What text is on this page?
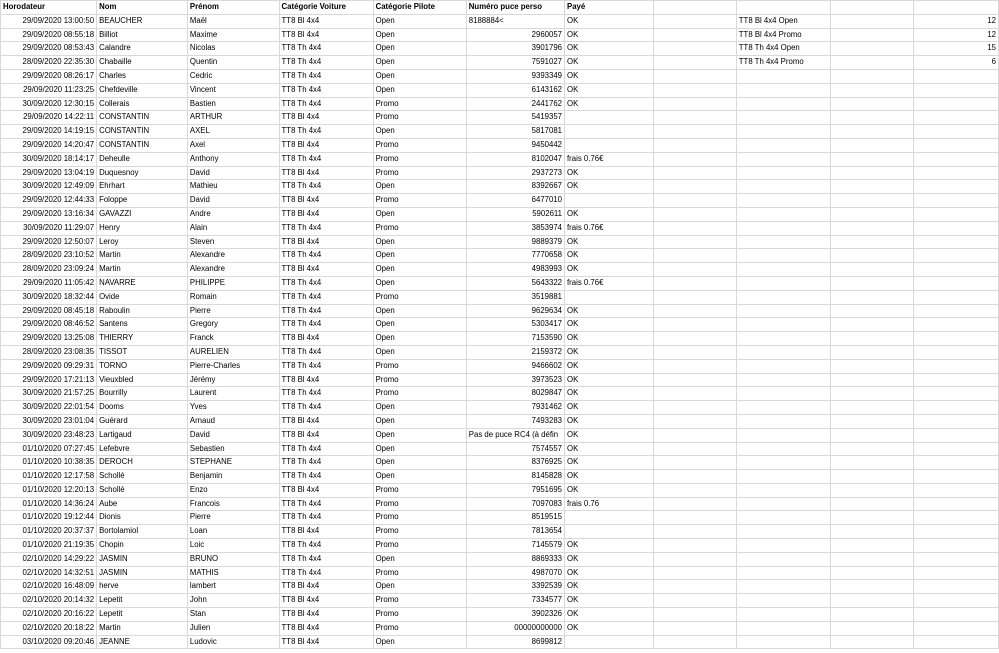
Horodateur	Nom	Prénom	Catégorie Voiture	Catégorie Pilote	Numéro puce perso	Payé				
29/09/2020 13:00:50	BEAUCHER	Maël	TT8 Bl 4x4	Open	8188884<	OK		TT8 Bl 4x4 Open		12
29/09/2020 08:55:18	Billiot	Maxime	TT8 Bl 4x4	Open	2960057	OK		TT8 Bl 4x4 Promo		12
29/09/2020 08:53:43	Calandre	Nicolas	TT8 Th 4x4	Open	3901796	OK		TT8 Th 4x4 Open		15
28/09/2020 22:35:30	Chabaille	Quentin	TT8 Th 4x4	Open	7591027	OK		TT8 Th 4x4 Promo		6
29/09/2020 08:26:17	Charles	Cedric	TT8 Th 4x4	Open	9393349	OK				
29/09/2020 11:23:25	Chefdeville	Vincent	TT8 Th 4x4	Open	6143162	OK				
30/09/2020 12:30:15	Collerais	Bastien	TT8 Th 4x4	Promo	2441762	OK				
29/09/2020 14:22:11	CONSTANTIN	ARTHUR	TT8 Bl 4x4	Promo	5419357					
29/09/2020 14:19:15	CONSTANTIN	AXEL	TT8 Th 4x4	Open	5817081					
29/09/2020 14:20:47	CONSTANTIN	Axel	TT8 Bl 4x4	Promo	9450442					
30/09/2020 18:14:17	Deheulle	Anthony	TT8 Th 4x4	Promo	8102047	frais 0.76€				
29/09/2020 13:04:19	Duquesnoy	David	TT8 Bl 4x4	Promo	2937273	OK				
30/09/2020 12:49:09	Ehrhart	Mathieu	TT8 Th 4x4	Open	8392667	OK				
29/09/2020 12:44:33	Foloppe	David	TT8 Bl 4x4	Promo	6477010					
29/09/2020 13:16:34	GAVAZZI	Andre	TT8 Bl 4x4	Open	5902611	OK				
30/09/2020 11:29:07	Henry	Alain	TT8 Th 4x4	Promo	3853974	frais 0.76€				
29/09/2020 12:50:07	Leroy	Steven	TT8 Bl 4x4	Open	9889379	OK				
28/09/2020 23:10:52	Martin	Alexandre	TT8 Th 4x4	Open	7770658	OK				
28/09/2020 23:09:24	Martin	Alexandre	TT8 Bl 4x4	Open	4983993	OK				
29/09/2020 11:05:42	NAVARRE	PHILIPPE	TT8 Th 4x4	Open	5643322	frais 0.76€				
30/09/2020 18:32:44	Ovide	Romain	TT8 Th 4x4	Promo	3519881					
29/09/2020 08:45:18	Raboulin	Pierre	TT8 Th 4x4	Open	9629634	OK				
29/09/2020 08:46:52	Santens	Gregory	TT8 Th 4x4	Open	5303417	OK				
29/09/2020 13:25:08	THIERRY	Franck	TT8 Bl 4x4	Open	7153590	OK				
28/09/2020 23:08:35	TISSOT	AURELIEN	TT8 Th 4x4	Open	2159372	OK				
29/09/2020 09:29:31	TORNO	Pierre-Charles	TT8 Th 4x4	Promo	9466602	OK				
29/09/2020 17:21:13	Vieuxbled	Jérémy	TT8 Bl 4x4	Promo	3973523	OK				
30/09/2020 21:57:25	Bourrilly	Laurent	TT8 Th 4x4	Promo	8029847	OK				
30/09/2020 22:01:54	Dooms	Yves	TT8 Th 4x4	Open	7931462	OK				
30/09/2020 23:01:04	Guérard	Arnaud	TT8 Bl 4x4	Open	7493283	OK				
30/09/2020 23:48:23	Lartigaud	David	TT8 Bl 4x4	Open	Pas de puce RC4 (à défin	OK				
01/10/2020 07:27:45	Lefebvre	Sebastien	TT8 Th 4x4	Open	7574557	OK				
01/10/2020 10:38:35	DEROCH	STEPHANE	TT8 Th 4x4	Open	8376925	OK				
01/10/2020 12:17:58	Schollé	Benjamin	TT8 Th 4x4	Open	8145828	OK				
01/10/2020 12:20:13	Schollé	Enzo	TT8 Bl 4x4	Promo	7951695	OK				
01/10/2020 14:36:24	Aube	Francois	TT8 Th 4x4	Promo	7097083	frais 0.76				
01/10/2020 19:12:44	Dionis	Pierre	TT8 Th 4x4	Promo	8519515					
01/10/2020 20:37:37	Bortolamiol	Loan	TT8 Bl 4x4	Promo	7813654					
01/10/2020 21:19:35	Chopin	Loic	TT8 Th 4x4	Promo	7145579	OK				
02/10/2020 14:29:22	JASMIN	BRUNO	TT8 Th 4x4	Open	8869333	OK				
02/10/2020 14:32:51	JASMIN	MATHIS	TT8 Th 4x4	Promo	4987070	OK				
02/10/2020 16:48:09	herve	lambert	TT8 Bl 4x4	Open	3392539	OK				
02/10/2020 20:14:32	Lepetit	John	TT8 Bl 4x4	Promo	7334577	OK				
02/10/2020 20:16:22	Lepetit	Stan	TT8 Bl 4x4	Promo	3902326	OK				
02/10/2020 20:18:22	Martin	Julien	TT8 Bl 4x4	Promo	00000000000	OK				
03/10/2020 09:20:46	JEANNE	Ludovic	TT8 Bl 4x4	Open	8699812					
